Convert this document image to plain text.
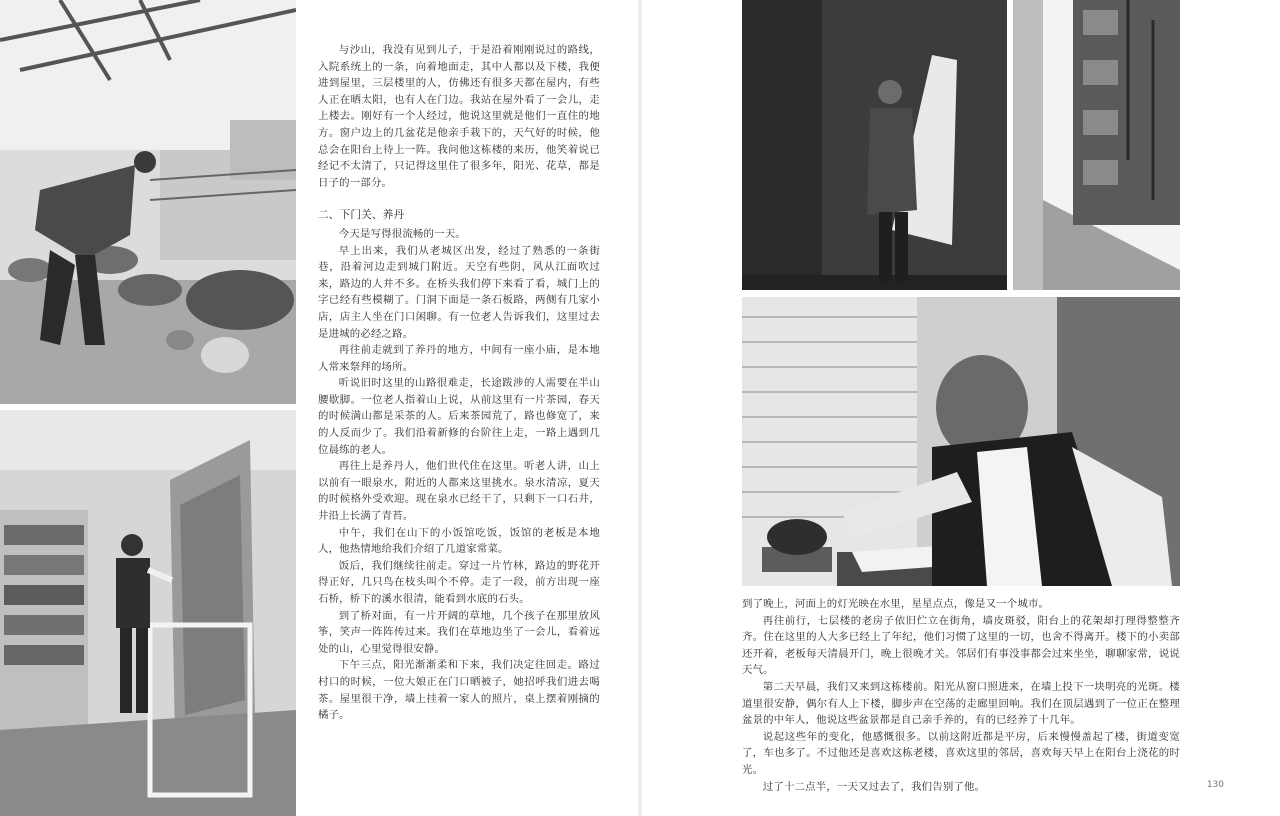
与沙山，我没有见到儿子，于是沿着刚刚说过的路线，入院系统上的一条，向着地面走，其中人都以及下楼，我便进到屋里，三层楼里的人，仿佛还有很多天都在屋内，有些人正在晒太阳，也有人在门边。我站在屋外看了一会儿，走上楼去。刚好有一个人经过，他说这里就是他们一直住的地方。窗户边上的几盆花是他亲手栽下的，天气好的时候，他总会在阳台上待上一阵。我问他这栋楼的来历，他笑着说已经记不太清了，只记得这里住了很多年，阳光、花草，都是日子的一部分。

二、下门关、养丹

今天是写得很流畅的一天。

早上出来，我们从老城区出发，经过了熟悉的一条街巷，沿着河边走到城门附近。天空有些阴，风从江面吹过来，路边的人并不多。在桥头我们停下来看了看，城门上的字已经有些模糊了。门洞下面是一条石板路，两侧有几家小店，店主人坐在门口闲聊。有一位老人告诉我们，这里过去是进城的必经之路。

再往前走就到了养丹的地方，中间有一座小庙，是本地人常来祭拜的场所。

听说旧时这里的山路很难走，长途跋涉的人需要在半山腰歇脚。一位老人指着山上说，从前这里有一片茶园，春天的时候满山都是采茶的人。后来茶园荒了，路也修宽了，来的人反而少了。我们沿着新修的台阶往上走，一路上遇到几位晨练的老人。

再往上是养丹人，他们世代住在这里。听老人讲，山上以前有一眼泉水，附近的人都来这里挑水。泉水清凉，夏天的时候格外受欢迎。现在泉水已经干了，只剩下一口石井，井沿上长满了青苔。

中午，我们在山下的小饭馆吃饭，饭馆的老板是本地人，他热情地给我们介绍了几道家常菜。

饭后，我们继续往前走。穿过一片竹林，路边的野花开得正好，几只鸟在枝头叫个不停。走了一段，前方出现一座石桥，桥下的溪水很清，能看到水底的石头。

到了桥对面，有一片开阔的草地，几个孩子在那里放风筝，笑声一阵阵传过来。我们在草地边坐了一会儿，看着远处的山，心里觉得很安静。

下午三点，阳光渐渐柔和下来，我们决定往回走。路过村口的时候，一位大娘正在门口晒被子，她招呼我们进去喝茶。屋里很干净，墙上挂着一家人的照片，桌上摆着刚摘的橘子。

到了晚上，河面上的灯光映在水里，星星点点，像是又一个城市。

再往前行，七层楼的老房子依旧伫立在街角，墙皮斑驳，阳台上的花架却打理得整整齐齐。住在这里的人大多已经上了年纪，他们习惯了这里的一切，也舍不得离开。楼下的小卖部还开着，老板每天清晨开门，晚上很晚才关。邻居们有事没事都会过来坐坐，聊聊家常，说说天气。

第二天早晨，我们又来到这栋楼前。阳光从窗口照进来，在墙上投下一块明亮的光斑。楼道里很安静，偶尔有人上下楼，脚步声在空荡的走廊里回响。我们在顶层遇到了一位正在整理盆景的中年人，他说这些盆景都是自己亲手养的，有的已经养了十几年。

说起这些年的变化，他感慨很多。以前这附近都是平房，后来慢慢盖起了楼，街道变宽了，车也多了。不过他还是喜欢这栋老楼，喜欢这里的邻居，喜欢每天早上在阳台上浇花的时光。

过了十二点半，一天又过去了，我们告别了他。	130
